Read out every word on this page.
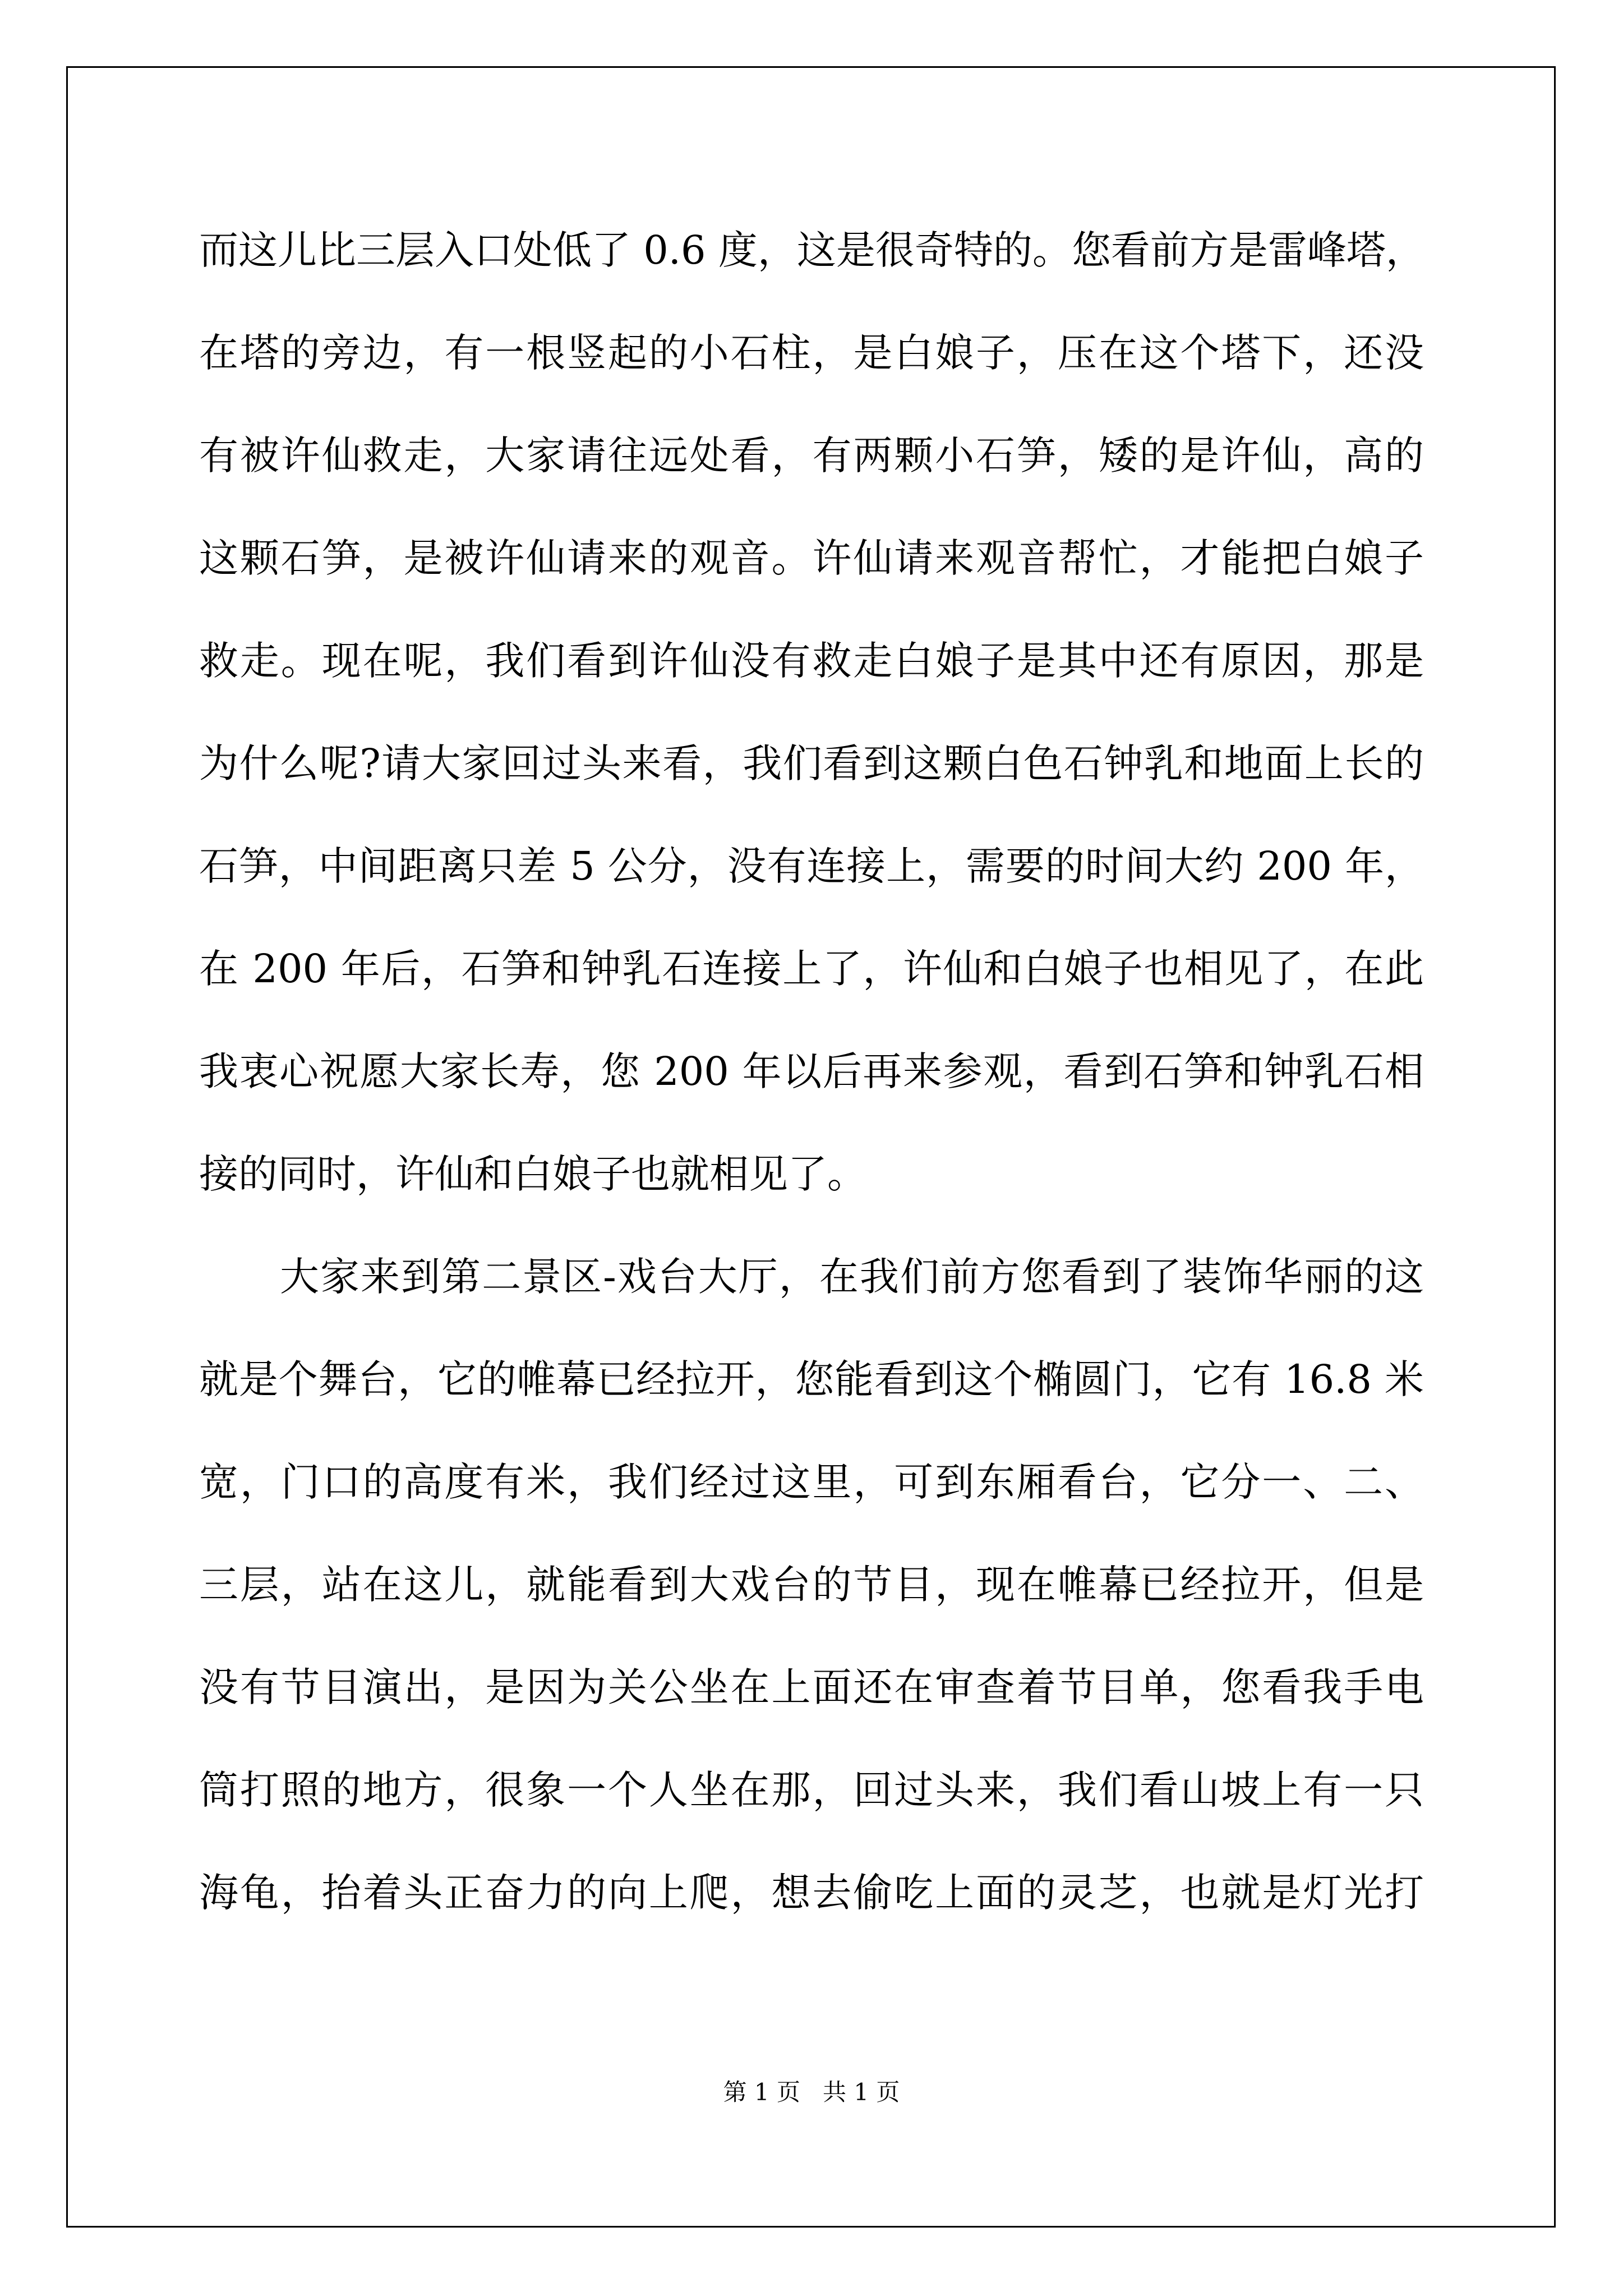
而这儿比三层入口处低了 0.6 度，这是很奇特的。您看前方是雷峰塔，
在塔的旁边，有一根竖起的小石柱，是白娘子，压在这个塔下，还没
有被许仙救走，大家请往远处看，有两颗小石笋，矮的是许仙，高的
这颗石笋，是被许仙请来的观音。许仙请来观音帮忙，才能把白娘子
救走。现在呢，我们看到许仙没有救走白娘子是其中还有原因，那是
为什么呢?请大家回过头来看，我们看到这颗白色石钟乳和地面上长的
石笋，中间距离只差 5 公分，没有连接上，需要的时间大约 200 年，
在 200 年后，石笋和钟乳石连接上了，许仙和白娘子也相见了，在此
我衷心祝愿大家长寿，您 200 年以后再来参观，看到石笋和钟乳石相
接的同时，许仙和白娘子也就相见了。
　　大家来到第二景区-戏台大厅，在我们前方您看到了装饰华丽的这
就是个舞台，它的帷幕已经拉开，您能看到这个椭圆门，它有 16.8 米
宽，门口的高度有米，我们经过这里，可到东厢看台，它分一、二、
三层，站在这儿，就能看到大戏台的节目，现在帷幕已经拉开，但是
没有节目演出，是因为关公坐在上面还在审查着节目单，您看我手电
筒打照的地方，很象一个人坐在那，回过头来，我们看山坡上有一只
海龟，抬着头正奋力的向上爬，想去偷吃上面的灵芝，也就是灯光打
第 1 页 共 1 页
